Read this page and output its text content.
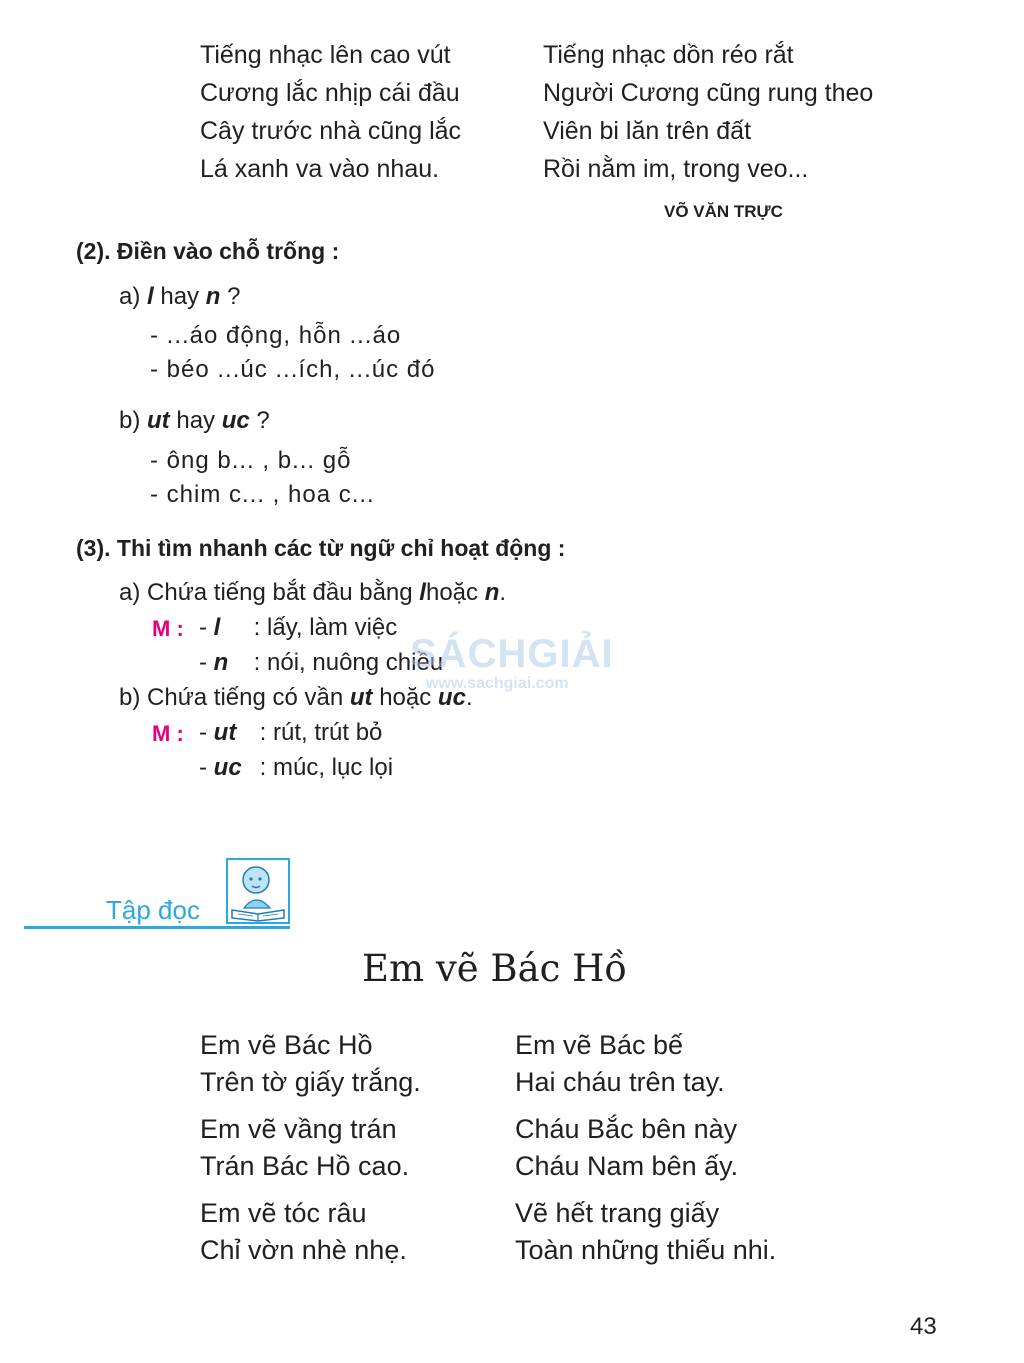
Tiếng nhạc lên cao vút
Cương lắc nhịp cái đầu
Cây trước nhà cũng lắc
Lá xanh va vào nhau.
Tiếng nhạc dồn réo rắt
Người Cương cũng rung theo
Viên bi lăn trên đất
Rồi nằm im, trong veo...
VÕ VĂN TRỰC
(2). Điền vào chỗ trống :
a) l hay n ?
- ...áo động, hỗn ...áo
- béo ...úc ...ích, ...úc đó
b) ut hay uc ?
- ông b... , b... gỗ
- chim c... , hoa c...
(3). Thi tìm nhanh các từ ngữ chỉ hoạt động :
a) Chứa tiếng bắt đầu bằng lhoặc n.
M : - l : lấy, làm việc
- n : nói, nuông chiều
b) Chứa tiếng có vần ut hoặc uc.
M : - ut : rút, trút bỏ
- uc : múc, lục lọi
SÁCHGIẢI
www.sachgiai.com
Tập đọc
Em vẽ Bác Hồ
Em vẽ Bác Hồ
Trên tờ giấy trắng.
Em vẽ vầng trán
Trán Bác Hồ cao.
Em vẽ tóc râu
Chỉ vờn nhè nhẹ.
Em vẽ Bác bế
Hai cháu trên tay.
Cháu Bắc bên này
Cháu Nam bên ấy.
Vẽ hết trang giấy
Toàn những thiếu nhi.
43
